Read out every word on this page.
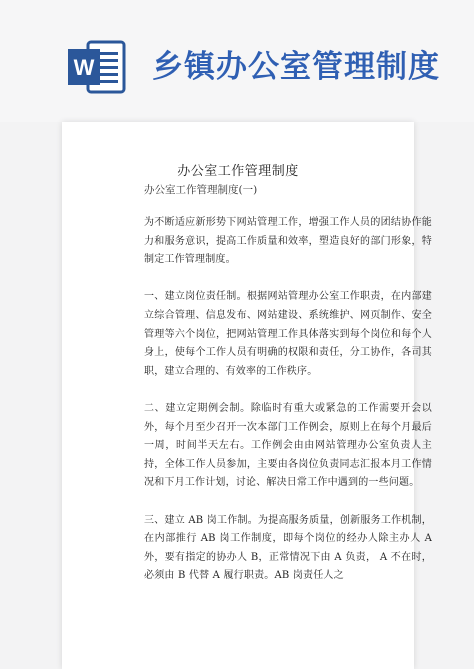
W 乡镇办公室管理制度
办公室工作管理制度
办公室工作管理制度(一)

为不断适应新形势下网站管理工作，增强工作人员的团结协作能力和服务意识，提高工作质量和效率，塑造良好的部门形象，特制定工作管理制度。

一、建立岗位责任制。根据网站管理办公室工作职责，在内部建立综合管理、信息发布、网站建设、系统维护、网页制作、安全管理等六个岗位，把网站管理工作具体落实到每个岗位和每个人身上，使每个工作人员有明确的权限和责任，分工协作，各司其职，建立合理的、有效率的工作秩序。

二、建立定期例会制。除临时有重大或紧急的工作需要开会以外，每个月至少召开一次本部门工作例会，原则上在每个月最后一周，时间半天左右。工作例会由由网站管理办公室负责人主持，全体工作人员参加，主要由各岗位负责同志汇报本月工作情况和下月工作计划，讨论、解决日常工作中遇到的一些问题。

三、建立 AB 岗工作制。为提高服务质量，创新服务工作机制，在内部推行 AB 岗工作制度，即每个岗位的经办人除主办人 A 外，要有指定的协办人 B，正常情况下由 A 负责， A 不在时，必须由 B 代替 A 履行职责。AB 岗责任人之
